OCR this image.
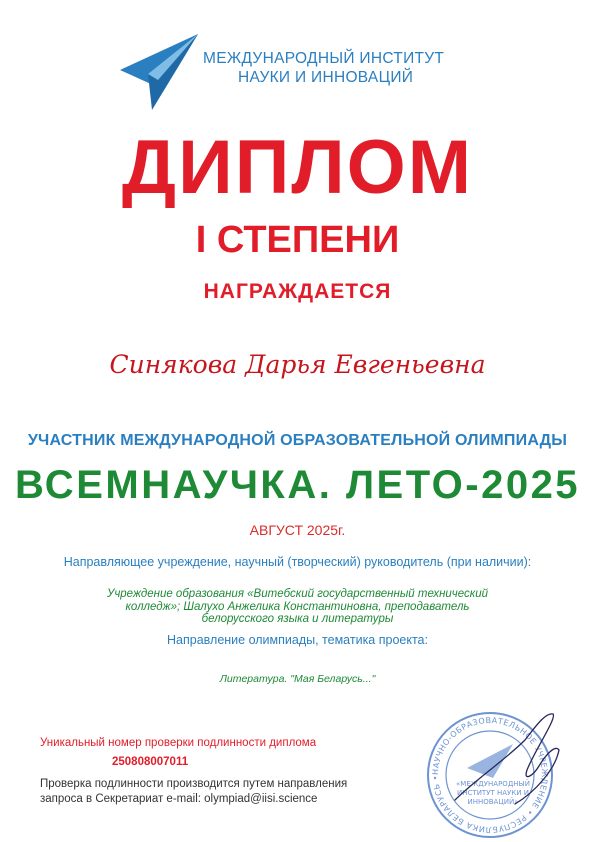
МЕЖДУНАРОДНЫЙ ИНСТИТУТ
НАУКИ И ИННОВАЦИЙ
ДИПЛОМ
I СТЕПЕНИ
НАГРАЖДАЕТСЯ
Синякова Дарья Евгеньевна
УЧАСТНИК МЕЖДУНАРОДНОЙ ОБРАЗОВАТЕЛЬНОЙ ОЛИМПИАДЫ
ВСЕМНАУЧКА. ЛЕТО-2025
АВГУСТ 2025г.
Направляющее учреждение, научный (творческий) руководитель (при наличии):
Учреждение образования «Витебский государственный технический
колледж»; Шалухо Анжелика Константиновна, преподаватель
белорусского языка и литературы
Направление олимпиады, тематика проекта:
Литература. "Мая Беларусь..."
Уникальный номер проверки подлинности диплома
250808007011
Проверка подлинности производится путем направления
запроса в Секретариат e-mail: olympiad@iisi.science
НАУЧНО-ОБРАЗОВАТЕЛЬНОЕ УЧРЕЖДЕНИЕ • РЕСПУБЛИКА БЕЛАРУСЬ •
«МЕЖДУНАРОДНЫЙ
ИНСТИТУТ НАУКИ И
ИННОВАЦИЙ»
